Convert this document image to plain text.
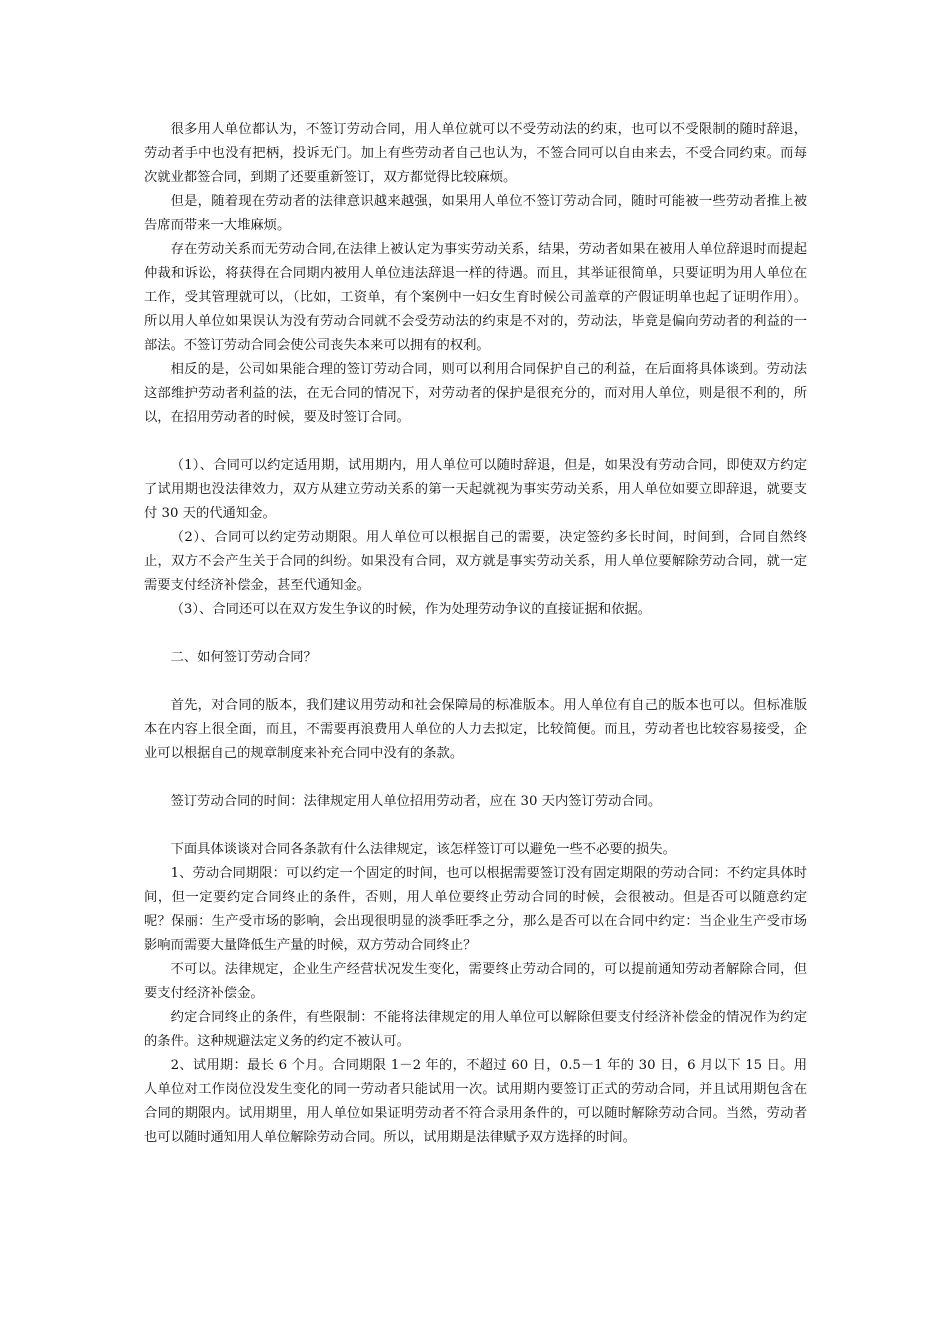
很多用人单位都认为，不签订劳动合同，用人单位就可以不受劳动法的约束，也可以不受限制的随时辞退，劳动者手中也没有把柄，投诉无门。加上有些劳动者自己也认为，不签合同可以自由来去，不受合同约束。而每次就业都签合同，到期了还要重新签订，双方都觉得比较麻烦。

但是，随着现在劳动者的法律意识越来越强，如果用人单位不签订劳动合同，随时可能被一些劳动者推上被告席而带来一大堆麻烦。

存在劳动关系而无劳动合同,在法律上被认定为事实劳动关系，结果，劳动者如果在被用人单位辞退时而提起仲裁和诉讼，将获得在合同期内被用人单位违法辞退一样的待遇。而且，其举证很简单，只要证明为用人单位在工作，受其管理就可以，（比如，工资单，有个案例中一妇女生育时候公司盖章的产假证明单也起了证明作用）。所以用人单位如果误认为没有劳动合同就不会受劳动法的约束是不对的，劳动法，毕竟是偏向劳动者的利益的一部法。不签订劳动合同会使公司丧失本来可以拥有的权利。

相反的是，公司如果能合理的签订劳动合同，则可以利用合同保护自己的利益，在后面将具体谈到。劳动法这部维护劳动者利益的法，在无合同的情况下，对劳动者的保护是很充分的，而对用人单位，则是很不利的，所以，在招用劳动者的时候，要及时签订合同。

（1）、合同可以约定适用期，试用期内，用人单位可以随时辞退，但是，如果没有劳动合同，即使双方约定了试用期也没法律效力，双方从建立劳动关系的第一天起就视为事实劳动关系，用人单位如要立即辞退，就要支付 30 天的代通知金。

（2）、合同可以约定劳动期限。用人单位可以根据自己的需要，决定签约多长时间，时间到，合同自然终止，双方不会产生关于合同的纠纷。如果没有合同，双方就是事实劳动关系，用人单位要解除劳动合同，就一定需要支付经济补偿金，甚至代通知金。

（3）、合同还可以在双方发生争议的时候，作为处理劳动争议的直接证据和依据。

二、如何签订劳动合同？

首先，对合同的版本，我们建议用劳动和社会保障局的标准版本。用人单位有自己的版本也可以。但标准版本在内容上很全面，而且，不需要再浪费用人单位的人力去拟定，比较简便。而且，劳动者也比较容易接受，企业可以根据自己的规章制度来补充合同中没有的条款。

签订劳动合同的时间：法律规定用人单位招用劳动者，应在 30 天内签订劳动合同。

下面具体谈谈对合同各条款有什么法律规定，该怎样签订可以避免一些不必要的损失。

1、劳动合同期限：可以约定一个固定的时间，也可以根据需要签订没有固定期限的劳动合同：不约定具体时间，但一定要约定合同终止的条件，否则，用人单位要终止劳动合同的时候，会很被动。但是否可以随意约定呢？保丽：生产受市场的影响，会出现很明显的淡季旺季之分，那么是否可以在合同中约定：当企业生产受市场影响而需要大量降低生产量的时候，双方劳动合同终止？

不可以。法律规定，企业生产经营状况发生变化，需要终止劳动合同的，可以提前通知劳动者解除合同，但要支付经济补偿金。

约定合同终止的条件，有些限制：不能将法律规定的用人单位可以解除但要支付经济补偿金的情况作为约定的条件。这种规避法定义务的约定不被认可。

2、试用期：最长 6 个月。合同期限 1－2 年的，不超过 60 日，0.5－1 年的 30 日，6 月以下 15 日。用人单位对工作岗位没发生变化的同一劳动者只能试用一次。试用期内要签订正式的劳动合同，并且试用期包含在合同的期限内。试用期里，用人单位如果证明劳动者不符合录用条件的，可以随时解除劳动合同。当然，劳动者也可以随时通知用人单位解除劳动合同。所以，试用期是法律赋予双方选择的时间。
